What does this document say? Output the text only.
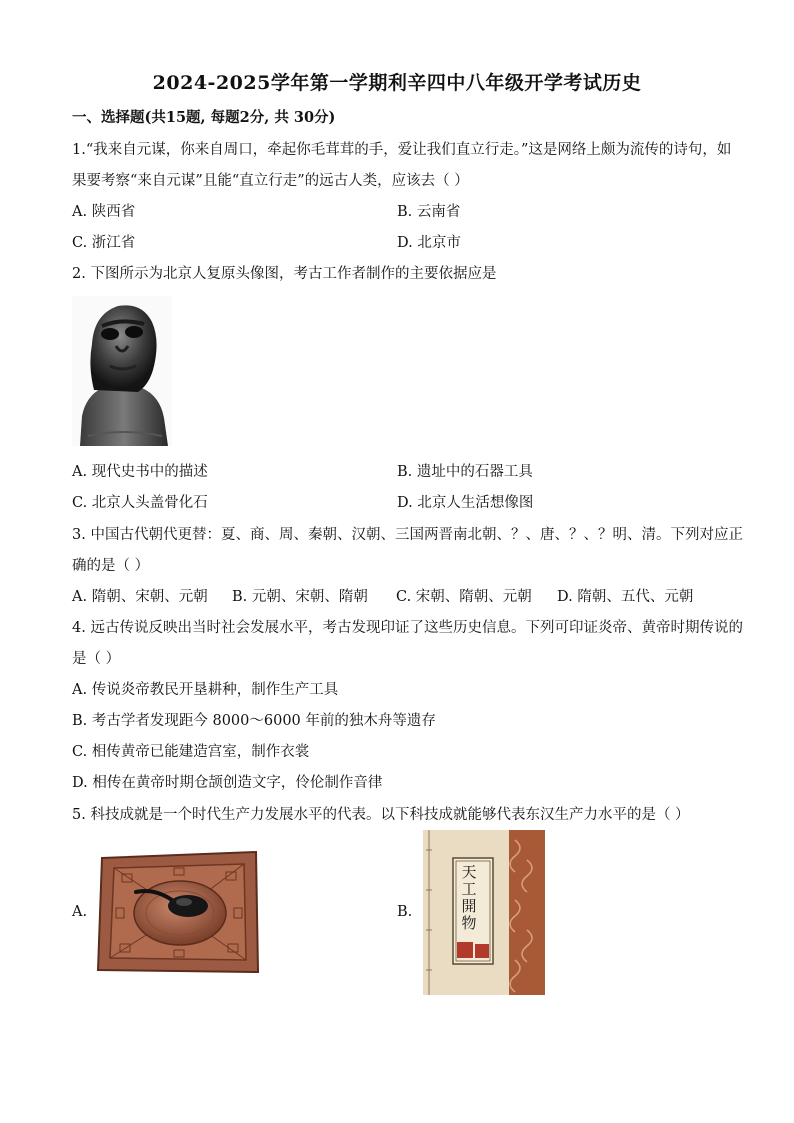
2024-2025学年第一学期利辛四中八年级开学考试历史
一、选择题(共15题, 每题2分, 共 30分)
1.“我来自元谋，你来自周口，牵起你毛茸茸的手，爱让我们直立行走。”这是网络上颇为流传的诗句，如
果要考察“来自元谋”且能“直立行走”的远古人类，应该去（ ）
A. 陕西省	B. 云南省
C. 浙江省	D. 北京市
2. 下图所示为北京人复原头像图，考古工作者制作的主要依据应是
A. 现代史书中的描述	B. 遗址中的石器工具
C. 北京人头盖骨化石	D. 北京人生活想像图
3. 中国古代朝代更替：夏、商、周、秦朝、汉朝、三国两晋南北朝、？、唐、？、？明、清。下列对应正
确的是（ ）
A. 隋朝、宋朝、元朝 B. 元朝、宋朝、隋朝 C. 宋朝、隋朝、元朝 D. 隋朝、五代、元朝
4. 远古传说反映出当时社会发展水平，考古发现印证了这些历史信息。下列可印证炎帝、黄帝时期传说的
是（ ）
A. 传说炎帝教民开垦耕种，制作生产工具
B. 考古学者发现距今 8000～6000 年前的独木舟等遗存
C. 相传黄帝已能建造宫室，制作衣裳
D. 相传在黄帝时期仓颉创造文字，伶伦制作音律
5. 科技成就是一个时代生产力发展水平的代表。以下科技成就能够代表东汉生产力水平的是（ ）
A.	B.
天工開物
